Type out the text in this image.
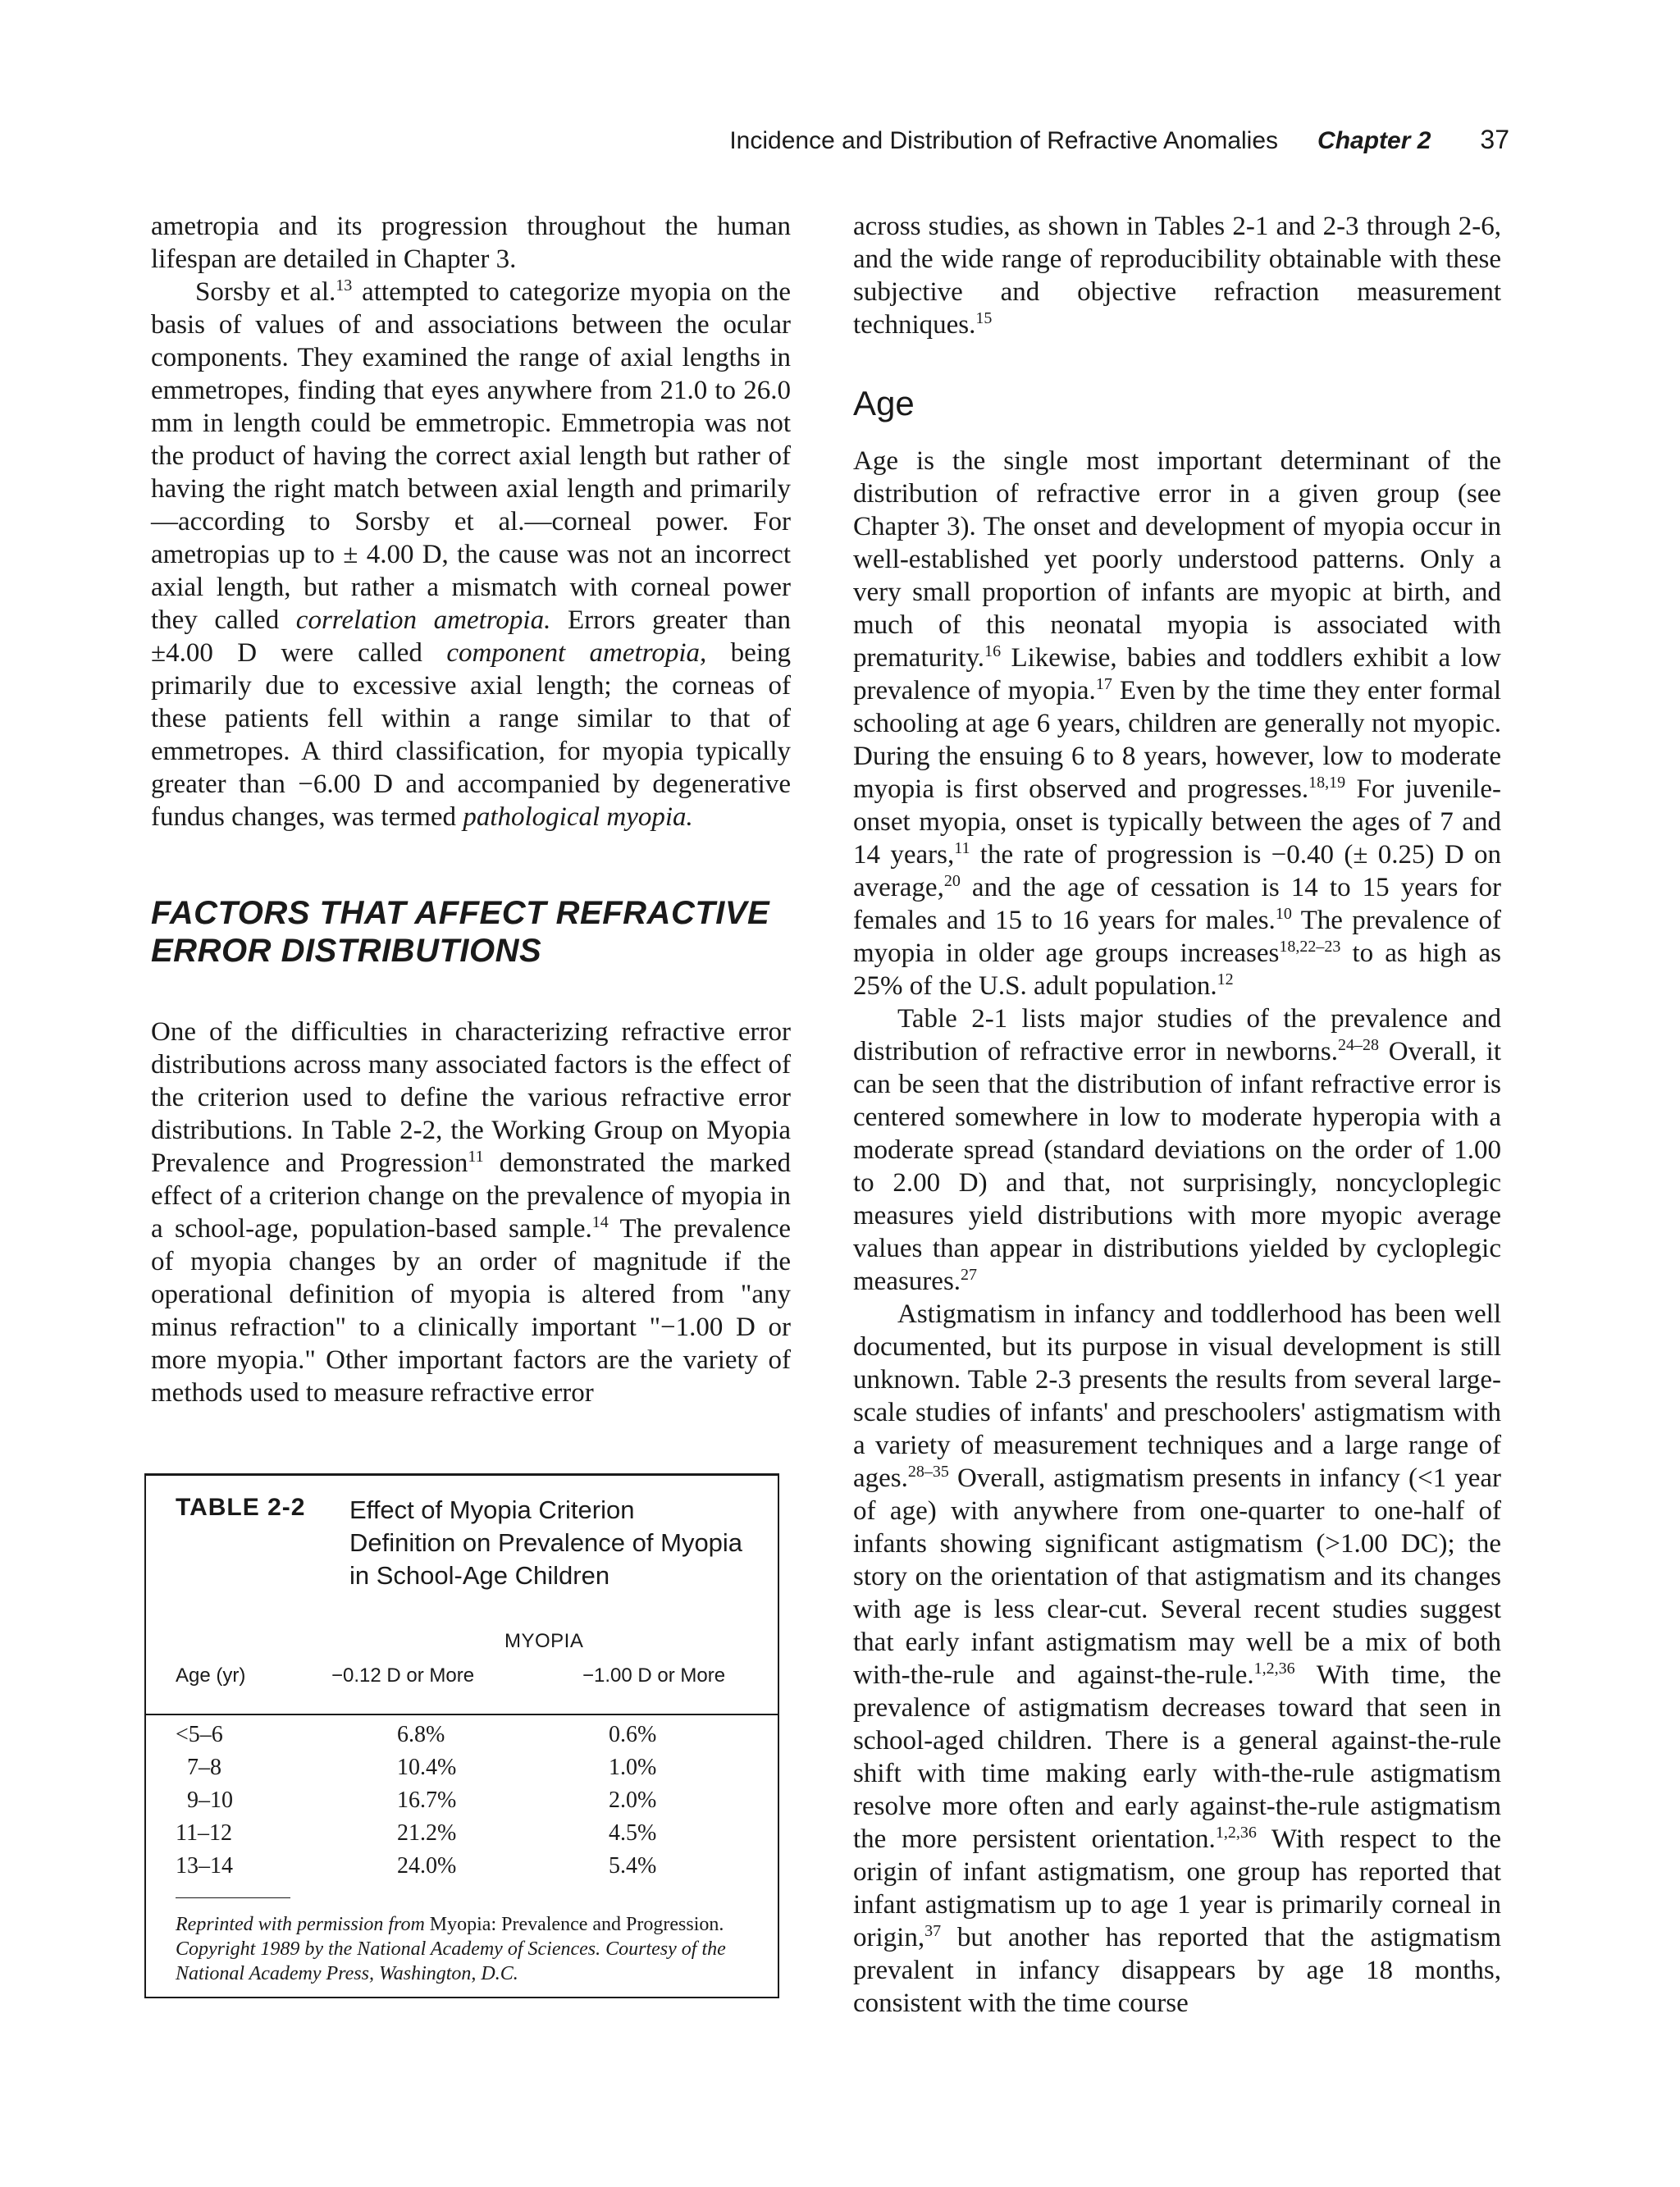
Incidence and Distribution of Refractive Anomalies Chapter 2 37

ametropia and its progression throughout the human lifespan are detailed in Chapter 3.

Sorsby et al.$^{13}$ attempted to categorize myopia on the basis of values of and associations between the ocular components. They examined the range of axial lengths in emmetropes, finding that eyes anywhere from 21.0 to 26.0 mm in length could be emmetropic. Emmetropia was not the product of having the correct axial length but rather of having the right match between axial length and primarily—according to Sorsby et al.—corneal power. For ametropias up to ± 4.00 D, the cause was not an incorrect axial length, but rather a mismatch with corneal power they called correlation ametropia. Errors greater than ±4.00 D were called component ametropia, being primarily due to excessive axial length; the corneas of these patients fell within a range similar to that of emmetropes. A third classification, for myopia typically greater than −6.00 D and accompanied by degenerative fundus changes, was termed pathological myopia.

FACTORS THAT AFFECT REFRACTIVE ERROR DISTRIBUTIONS

One of the difficulties in characterizing refractive error distributions across many associated factors is the effect of the criterion used to define the various refractive error distributions. In Table 2-2, the Working Group on Myopia Prevalence and Progression$^{11}$ demonstrated the marked effect of a criterion change on the prevalence of myopia in a school-age, population-based sample.$^{14}$ The prevalence of myopia changes by an order of magnitude if the operational definition of myopia is altered from "any minus refraction" to a clinically important "−1.00 D or more myopia." Other important factors are the variety of methods used to measure refractive error

TABLE 2-2	Effect of Myopia Criterion Definition on Prevalence of Myopia in School-Age Children
MYOPIA
Age (yr)	−0.12 D or More	−1.00 D or More
<5–6	6.8%	0.6%
7–8	10.4%	1.0%
9–10	16.7%	2.0%
11–12	21.2%	4.5%
13–14	24.0%	5.4%
Reprinted with permission from Myopia: Prevalence and Progression. Copyright 1989 by the National Academy of Sciences. Courtesy of the National Academy Press, Washington, D.C.

across studies, as shown in Tables 2-1 and 2-3 through 2-6, and the wide range of reproducibility obtainable with these subjective and objective refraction measurement techniques.$^{15}$

Age

Age is the single most important determinant of the distribution of refractive error in a given group (see Chapter 3). The onset and development of myopia occur in well-established yet poorly understood patterns. Only a very small proportion of infants are myopic at birth, and much of this neonatal myopia is associated with prematurity.$^{16}$ Likewise, babies and toddlers exhibit a low prevalence of myopia.$^{17}$ Even by the time they enter formal schooling at age 6 years, children are generally not myopic. During the ensuing 6 to 8 years, however, low to moderate myopia is first observed and progresses.$^{18,19}$ For juvenile-onset myopia, onset is typically between the ages of 7 and 14 years,$^{11}$ the rate of progression is −0.40 (± 0.25) D on average,$^{20}$ and the age of cessation is 14 to 15 years for females and 15 to 16 years for males.$^{10}$ The prevalence of myopia in older age groups increases$^{18,22-23}$ to as high as 25% of the U.S. adult population.$^{12}$

Table 2-1 lists major studies of the prevalence and distribution of refractive error in newborns.$^{24-28}$ Overall, it can be seen that the distribution of infant refractive error is centered somewhere in low to moderate hyperopia with a moderate spread (standard deviations on the order of 1.00 to 2.00 D) and that, not surprisingly, noncycloplegic measures yield distributions with more myopic average values than appear in distributions yielded by cycloplegic measures.$^{27}$

Astigmatism in infancy and toddlerhood has been well documented, but its purpose in visual development is still unknown. Table 2-3 presents the results from several large-scale studies of infants' and preschoolers' astigmatism with a variety of measurement techniques and a large range of ages.$^{28-35}$ Overall, astigmatism presents in infancy (<1 year of age) with anywhere from one-quarter to one-half of infants showing significant astigmatism (>1.00 DC); the story on the orientation of that astigmatism and its changes with age is less clear-cut. Several recent studies suggest that early infant astigmatism may well be a mix of both with-the-rule and against-the-rule.$^{1,2,36}$ With time, the prevalence of astigmatism decreases toward that seen in school-aged children. There is a general against-the-rule shift with time making early with-the-rule astigmatism resolve more often and early against-the-rule astigmatism the more persistent orientation.$^{1,2,36}$ With respect to the origin of infant astigmatism, one group has reported that infant astigmatism up to age 1 year is primarily corneal in origin,$^{37}$ but another has reported that the astigmatism prevalent in infancy disappears by age 18 months, consistent with the time course
